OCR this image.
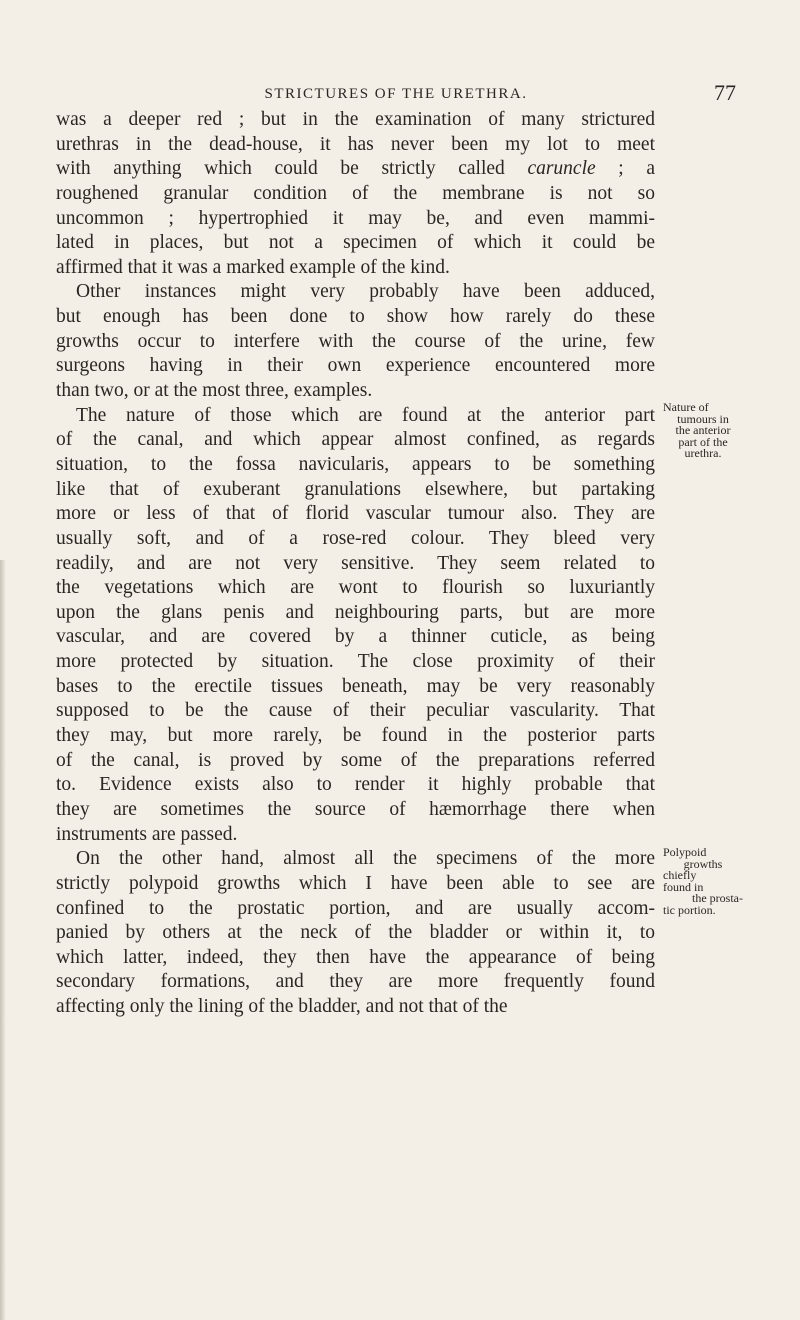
STRICTURES OF THE URETHRA.	77
was a deeper red ; but in the examination of many strictured
urethras in the dead-house, it has never been my lot to meet
with anything which could be strictly called caruncle ; a
roughened granular condition of the membrane is not so
uncommon ; hypertrophied it may be, and even mammi-
lated in places, but not a specimen of which it could be
affirmed that it was a marked example of the kind.
Other instances might very probably have been adduced,
but enough has been done to show how rarely do these
growths occur to interfere with the course of the urine, few
surgeons having in their own experience encountered more
than two, or at the most three, examples.
The nature of those which are found at the anterior part
of the canal, and which appear almost confined, as regards
situation, to the fossa navicularis, appears to be something
like that of exuberant granulations elsewhere, but partaking
more or less of that of florid vascular tumour also. They are
usually soft, and of a rose-red colour. They bleed very
readily, and are not very sensitive. They seem related to
the vegetations which are wont to flourish so luxuriantly
upon the glans penis and neighbouring parts, but are more
vascular, and are covered by a thinner cuticle, as being
more protected by situation. The close proximity of their
bases to the erectile tissues beneath, may be very reasonably
supposed to be the cause of their peculiar vascularity. That
they may, but more rarely, be found in the posterior parts
of the canal, is proved by some of the preparations referred
to. Evidence exists also to render it highly probable that
they are sometimes the source of hæmorrhage there when
instruments are passed.
On the other hand, almost all the specimens of the more
strictly polypoid growths which I have been able to see are
confined to the prostatic portion, and are usually accom-
panied by others at the neck of the bladder or within it, to
which latter, indeed, they then have the appearance of being
secondary formations, and they are more frequently found
affecting only the lining of the bladder, and not that of the
Nature of
tumours in
the anterior
part of the
urethra.
Polypoid
growths
chiefly
found in
the prosta-
tic portion.
